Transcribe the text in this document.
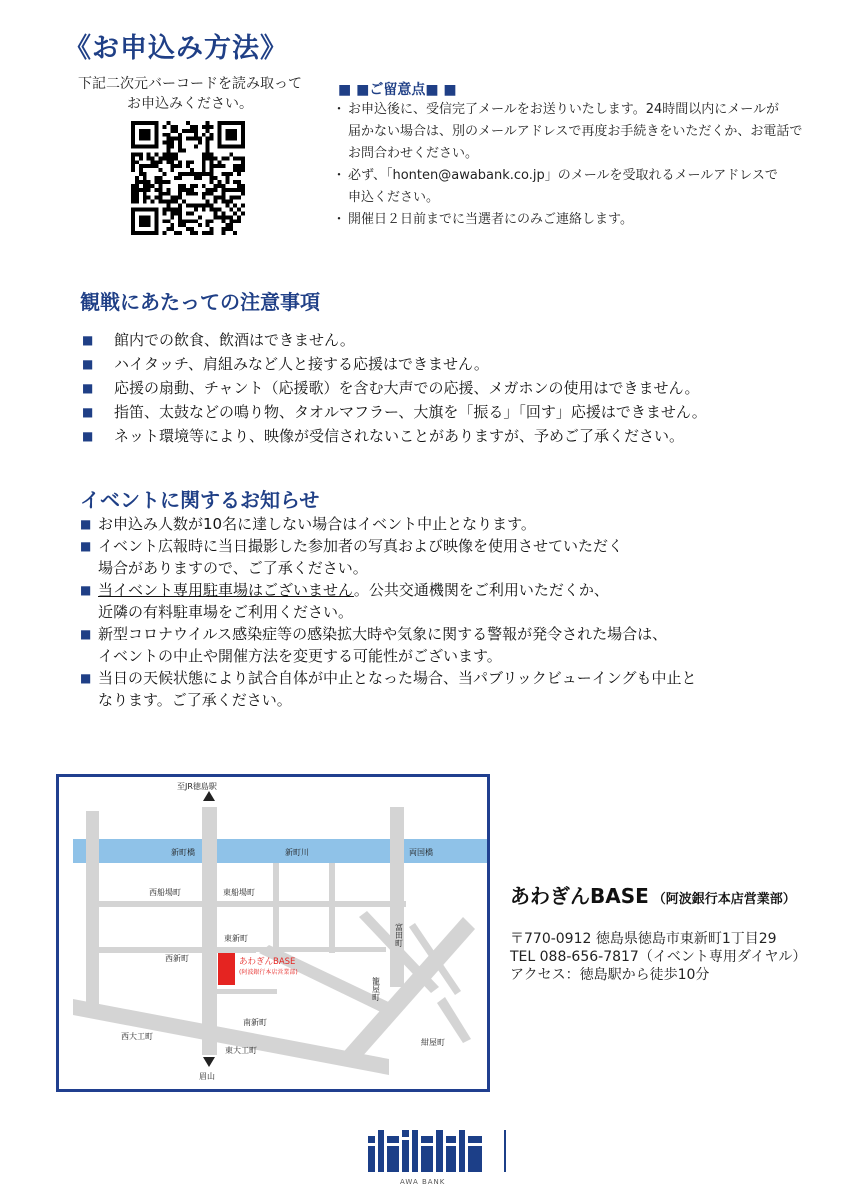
《お申込み方法》
下記二次元バーコードを読み取って
お申込みください。
■ ■ご留意点■ ■
・ お申込後に、受信完了メールをお送りいたします。24時間以内にメールが
届かない場合は、別のメールアドレスで再度お手続きをいただくか、お電話で
お問合わせください。
・ 必ず、「honten@awabank.co.jp」のメールを受取れるメールアドレスで
申込ください。
・ 開催日２日前までに当選者にのみご連絡します。
観戦にあたっての注意事項
■	館内での飲食、飲酒はできません。
■	ハイタッチ、肩組みなど人と接する応援はできません。
■	応援の扇動、チャント（応援歌）を含む大声での応援、メガホンの使用はできません。
■	指笛、太鼓などの鳴り物、タオルマフラー、大旗を「振る」「回す」応援はできません。
■	ネット環境等により、映像が受信されないことがありますが、予めご了承ください。
イベントに関するお知らせ
■ お申込み人数が10名に達しない場合はイベント中止となります。
■ イベント広報時に当日撮影した参加者の写真および映像を使用させていただく
場合がありますので、ご了承ください。
■ 当イベント専用駐車場はございません。公共交通機関をご利用いただくか、
近隣の有料駐車場をご利用ください。
■ 新型コロナウイルス感染症等の感染拡大時や気象に関する警報が発令された場合は、
イベントの中止や開催方法を変更する可能性がございます。
■ 当日の天候状態により試合自体が中止となった場合、当パブリックビューイングも中止と
なります。ご了承ください。
至JR徳島駅
新町橋	新町川	両国橋
西船場町	東船場町
東新町
西新町	あわぎんBASE
(阿波銀行本店営業部)
南新町
西大工町
東大工町
紺屋町
眉山
富田町
籠屋町
あわぎんBASE （阿波銀行本店営業部）
〒770-0912 徳島県徳島市東新町1丁目29
TEL 088-656-7817（イベント専用ダイヤル）
アクセス：徳島駅から徒歩10分
AWA BANK
